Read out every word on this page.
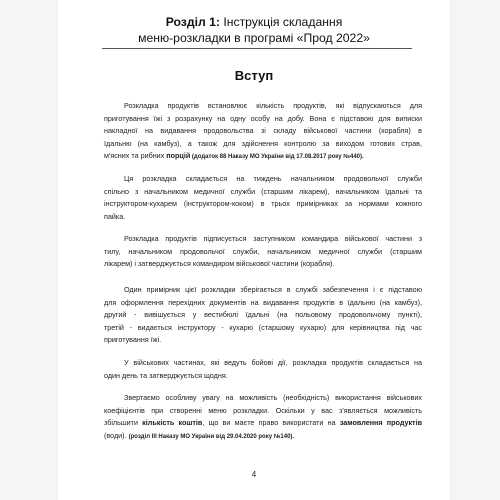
Розділ 1: Інструкція складання
меню-розкладки в програмі «Прод 2022»
Вступ
Розкладка продуктів встановлює кількість продуктів, які відпускаються для
приготування їжі з розрахунку на одну особу на добу. Вона є підставою для виписки
накладної на видавання продовольства зі складу військової частини (корабля) в
їдальню (на камбуз), а також для здійснення контролю за виходом готових страв,
м'ясних та рибних порцій (додаток 88 Наказу МО України від 17.08.2017 року №440).
Ця розкладка складається на тиждень начальником продовольчої служби
спільно з начальником медичної служби (старшим лікарем), начальником їдальні та
інструктором-кухарем (інструктором-коком) в трьох примірниках за нормами кожного
пайка.
Розкладка продуктів підписується заступником командира військової частини з
тилу, начальником продовольчої служби, начальником медичної служби (старшим
лікарем) і затверджується командиром військової частини (корабля).
Один примірник цієї розкладки зберігається в службі забезпечення і є підставою
для оформлення перехідних документів на видавання продуктів в їдальню (на камбуз),
другий - вивішується у вестибюлі їдальні (на польовому продовольчому пункті),
третій - видається інструктору - кухарю (старшому кухарю) для керівництва під час
приготування їжі.
У військових частинах, які ведуть бойові дії, розкладка продуктів складається на
один день та затверджується щодня.
Звертаємо особливу увагу на можливість (необхідність) використання військових
коефіцієнтів при створенні меню розкладки. Оскільки у вас з'являється можливість
збільшити кількість коштів, що ви маєте право використати на замовлення продуктів
(води). (розділ III Наказу МО України від 29.04.2020 року №140).
4
